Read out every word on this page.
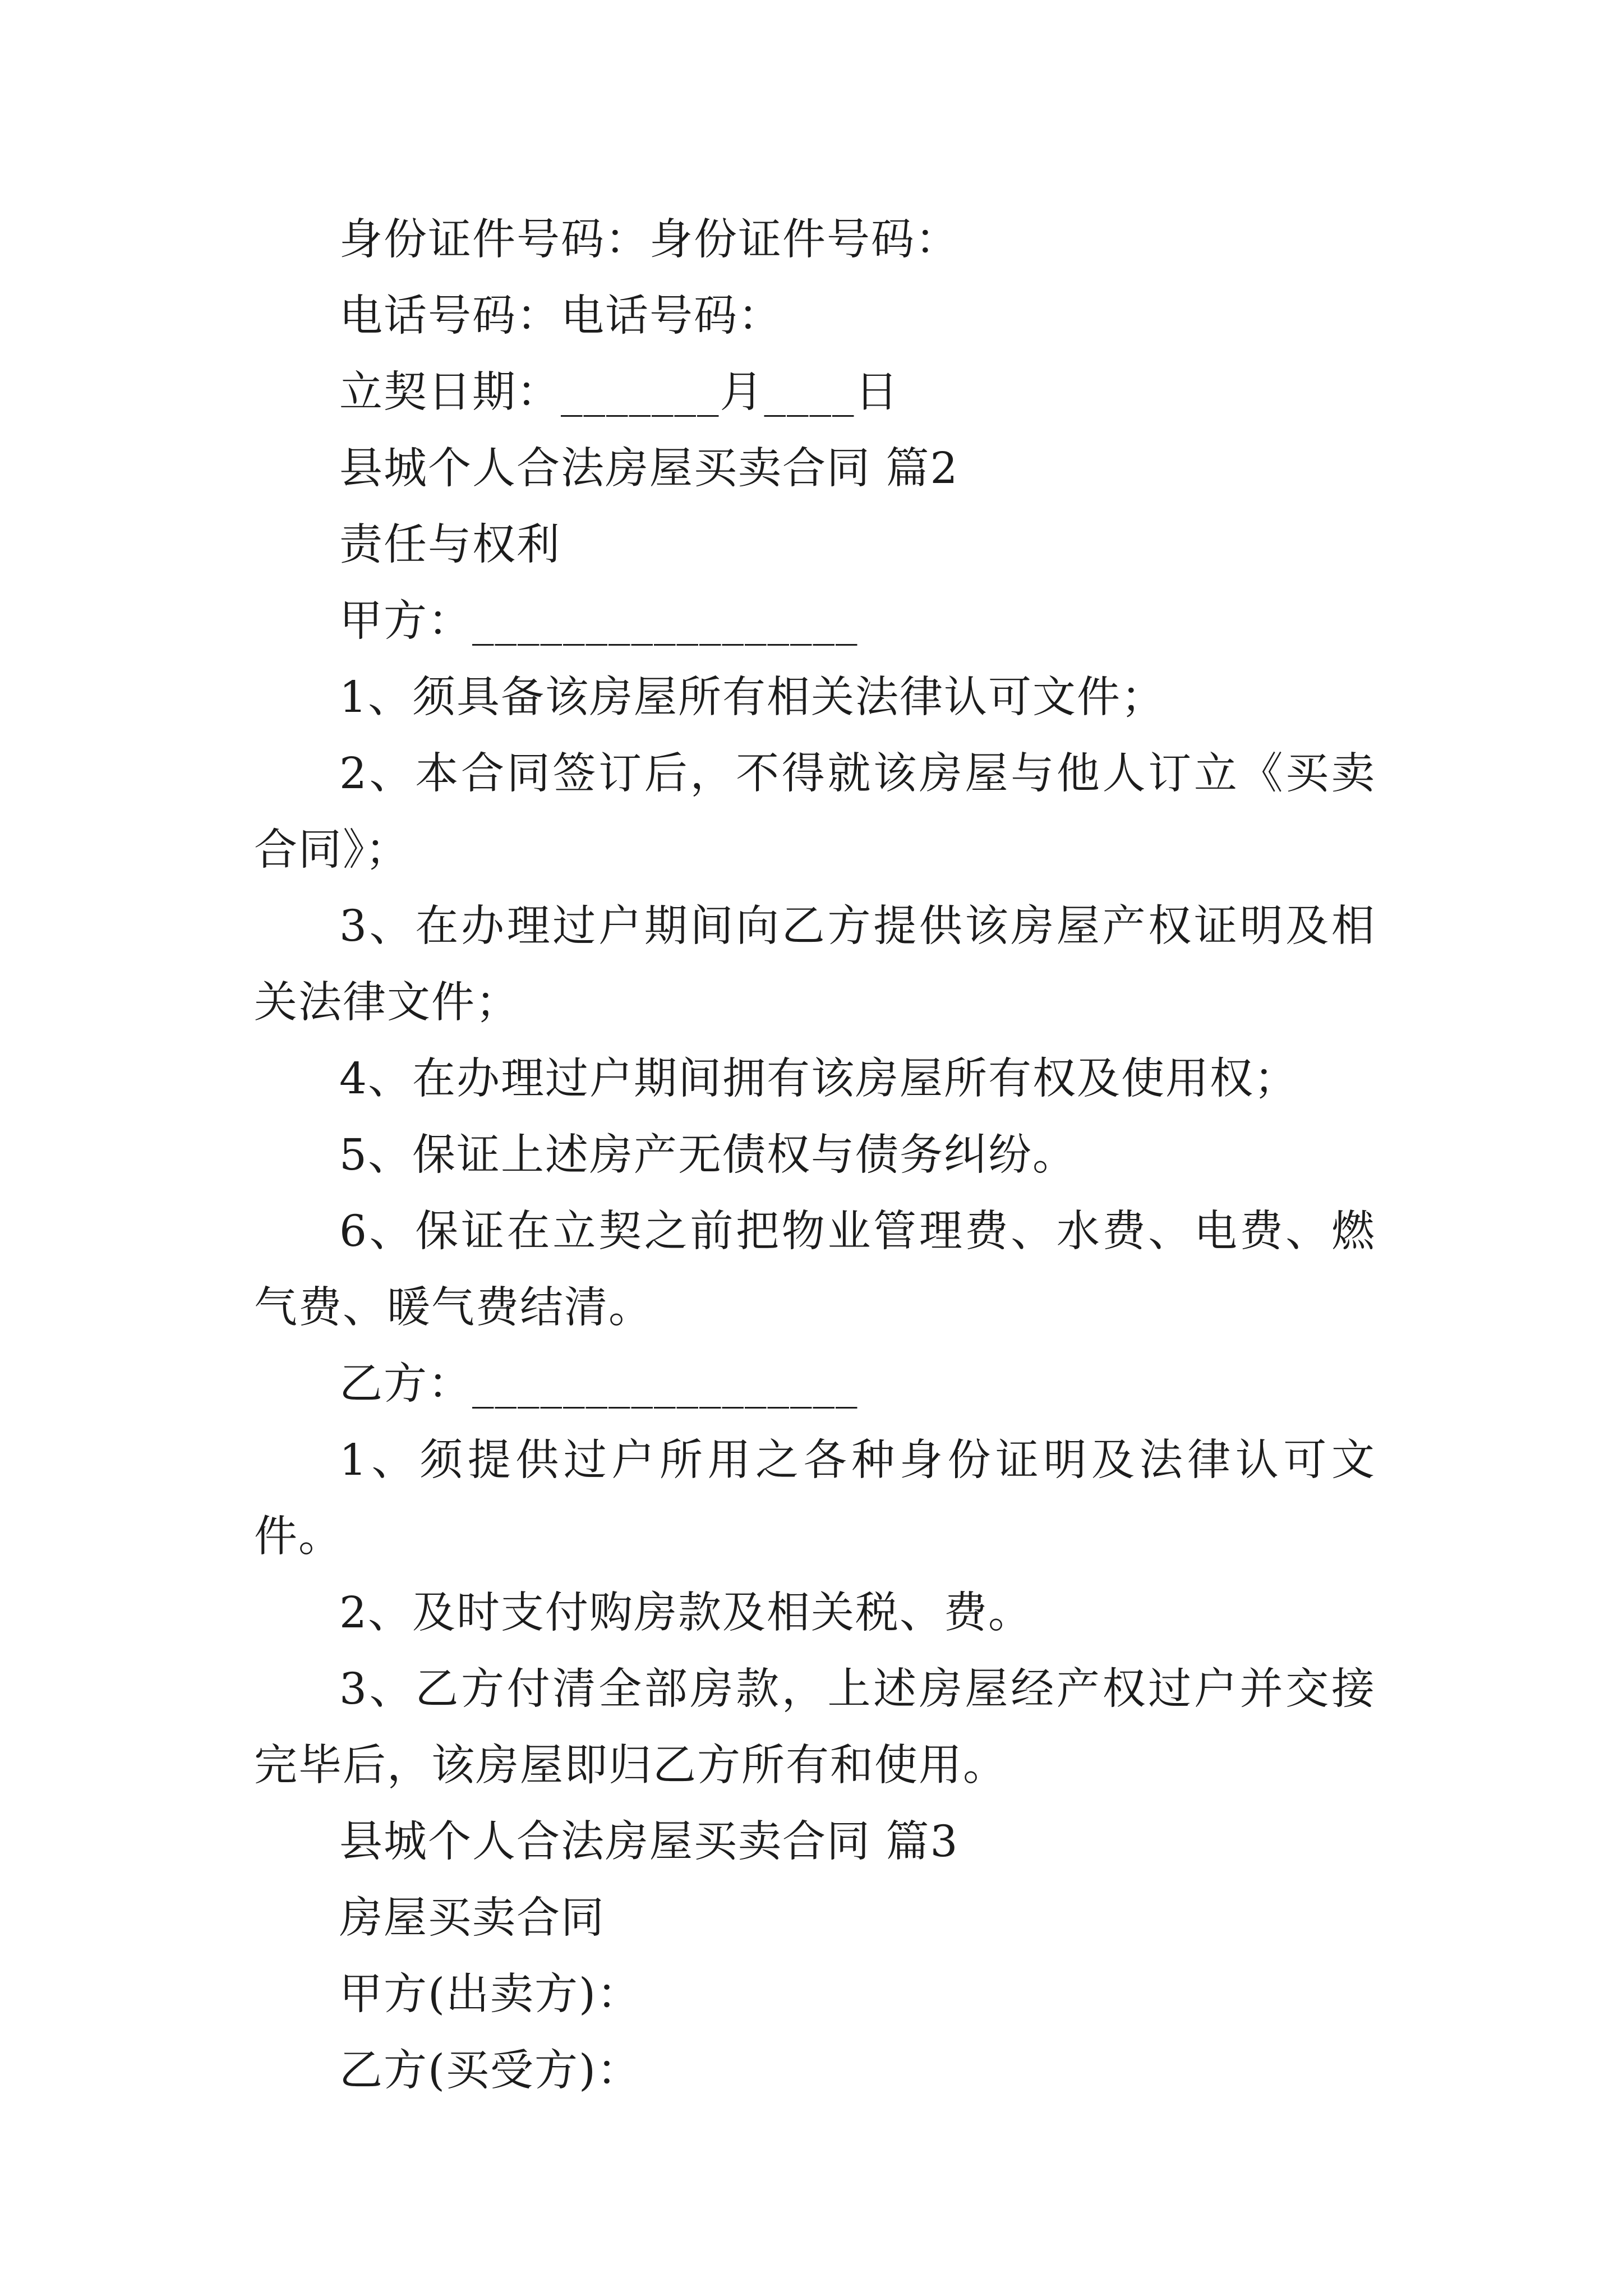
身份证件号码：身份证件号码：

电话号码：电话号码：

立契日期：_______月____日

县城个人合法房屋买卖合同 篇2

责任与权利

甲方：_________________

1、须具备该房屋所有相关法律认可文件；

2、本合同签订后，不得就该房屋与他人订立《买卖合同》；

3、在办理过户期间向乙方提供该房屋产权证明及相关法律文件；

4、在办理过户期间拥有该房屋所有权及使用权；

5、保证上述房产无债权与债务纠纷。

6、保证在立契之前把物业管理费、水费、电费、燃气费、暖气费结清。

乙方：_________________

1、须提供过户所用之各种身份证明及法律认可文件。

2、及时支付购房款及相关税、费。

3、乙方付清全部房款，上述房屋经产权过户并交接完毕后，该房屋即归乙方所有和使用。

县城个人合法房屋买卖合同 篇3

房屋买卖合同

甲方(出卖方)：

乙方(买受方)：
